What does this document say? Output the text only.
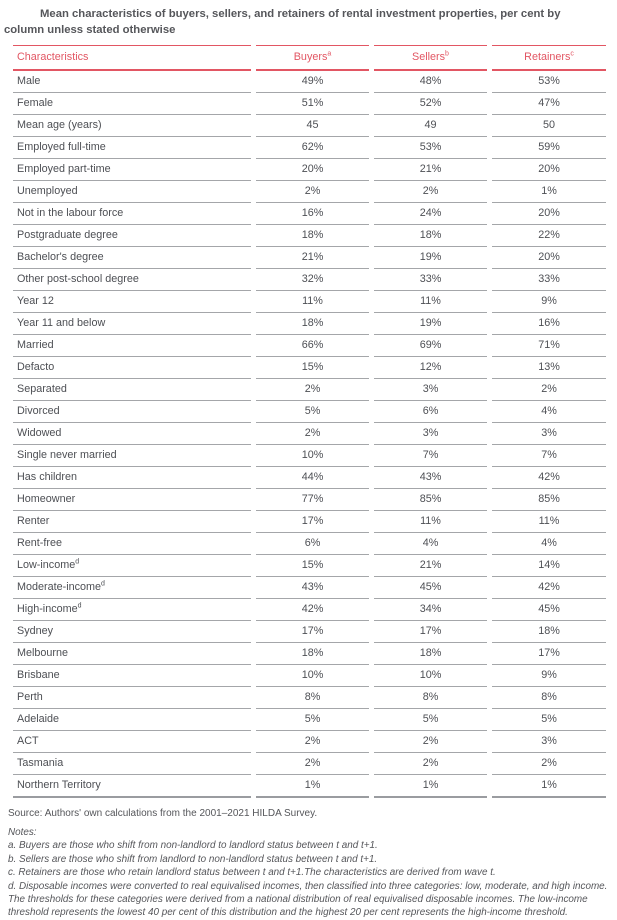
Mean characteristics of buyers, sellers, and retainers of rental investment properties, per cent by
column unless stated otherwise

Characteristics	Buyers$^a$	Sellers$^b$	Retainers$^c$
Male	49%	48%	53%
Female	51%	52%	47%
Mean age (years)	45	49	50
Employed full-time	62%	53%	59%
Employed part-time	20%	21%	20%
Unemployed	2%	2%	1%
Not in the labour force	16%	24%	20%
Postgraduate degree	18%	18%	22%
Bachelor's degree	21%	19%	20%
Other post-school degree	32%	33%	33%
Year 12	11%	11%	9%
Year 11 and below	18%	19%	16%
Married	66%	69%	71%
Defacto	15%	12%	13%
Separated	2%	3%	2%
Divorced	5%	6%	4%
Widowed	2%	3%	3%
Single never married	10%	7%	7%
Has children	44%	43%	42%
Homeowner	77%	85%	85%
Renter	17%	11%	11%
Rent-free	6%	4%	4%
Low-income$^d$	15%	21%	14%
Moderate-income$^d$	43%	45%	42%
High-income$^d$	42%	34%	45%
Sydney	17%	17%	18%
Melbourne	18%	18%	17%
Brisbane	10%	10%	9%
Perth	8%	8%	8%
Adelaide	5%	5%	5%
ACT	2%	2%	3%
Tasmania	2%	2%	2%
Northern Territory	1%	1%	1%

Source: Authors' own calculations from the 2001–2021 HILDA Survey.

Notes:
a. Buyers are those who shift from non-landlord to landlord status between t and t+1.
b. Sellers are those who shift from landlord to non-landlord status between t and t+1.
c. Retainers are those who retain landlord status between t and t+1.The characteristics are derived from wave t.
d. Disposable incomes were converted to real equivalised incomes, then classified into three categories: low, moderate, and high income. The thresholds for these categories were derived from a national distribution of real equivalised disposable incomes. The low-income threshold represents the lowest 40 per cent of this distribution and the highest 20 per cent represents the high-income threshold.
